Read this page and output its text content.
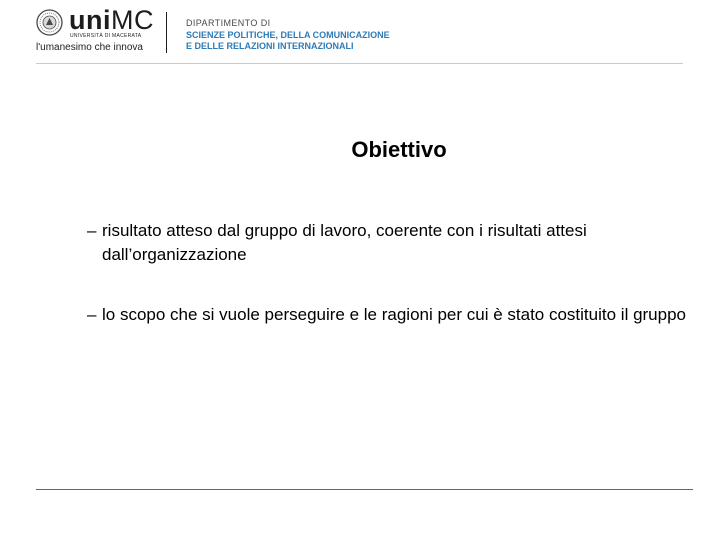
uniMC
UNIVERSITÀ DI MACERATA
l'umanesimo che innova
DIPARTIMENTO DI
SCIENZE POLITICHE, DELLA COMUNICAZIONE
E DELLE RELAZIONI INTERNAZIONALI
Obiettivo
– risultato atteso dal gruppo di lavoro, coerente con i risultati attesi dall’organizzazione
– lo scopo che si vuole perseguire e le ragioni per cui è stato costituito il gruppo
